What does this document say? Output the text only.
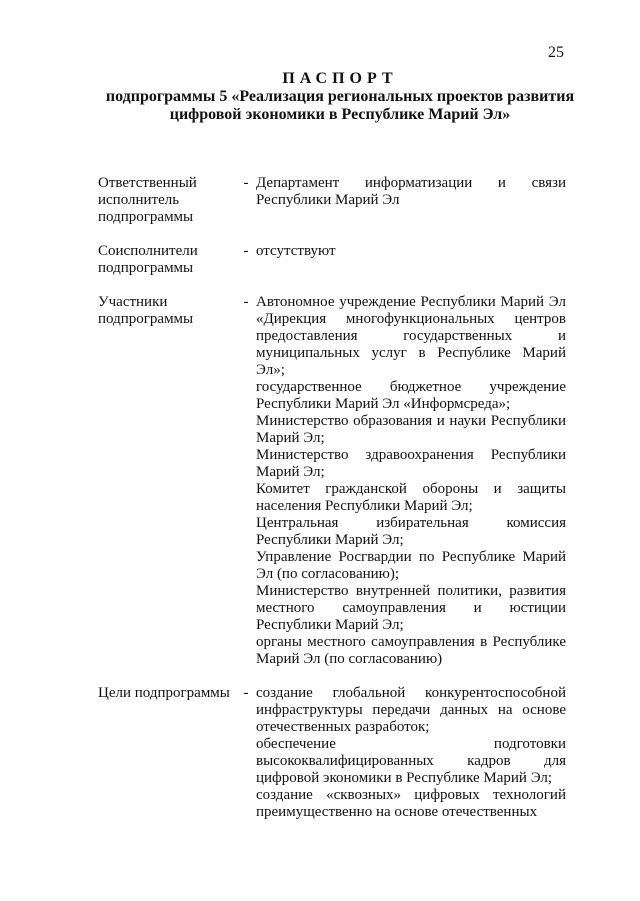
25
ПАСПОРТ
подпрограммы 5 «Реализация региональных проектов развития
цифровой экономики в Республике Марий Эл»
Ответственный исполнитель подпрограммы
- Департамент информатизации и связи Республики Марий Эл
Соисполнители подпрограммы
- отсутствуют
Участники подпрограммы
- Автономное учреждение Республики Марий Эл «Дирекция многофункциональных центров предоставления государственных и муниципальных услуг в Республике Марий Эл»;
государственное бюджетное учреждение Республики Марий Эл «Информсреда»;
Министерство образования и науки Республики Марий Эл;
Министерство здравоохранения Республики Марий Эл;
Комитет гражданской обороны и защиты населения Республики Марий Эл;
Центральная избирательная комиссия Республики Марий Эл;
Управление Росгвардии по Республике Марий Эл (по согласованию);
Министерство внутренней политики, развития местного самоуправления и юстиции Республики Марий Эл;
органы местного самоуправления в Республике Марий Эл (по согласованию)
Цели подпрограммы - создание глобальной конкурентоспособной инфраструктуры передачи данных на основе отечественных разработок;
обеспечение подготовки высококвалифицированных кадров для цифровой экономики в Республике Марий Эл;
создание «сквозных» цифровых технологий преимущественно на основе отечественных
